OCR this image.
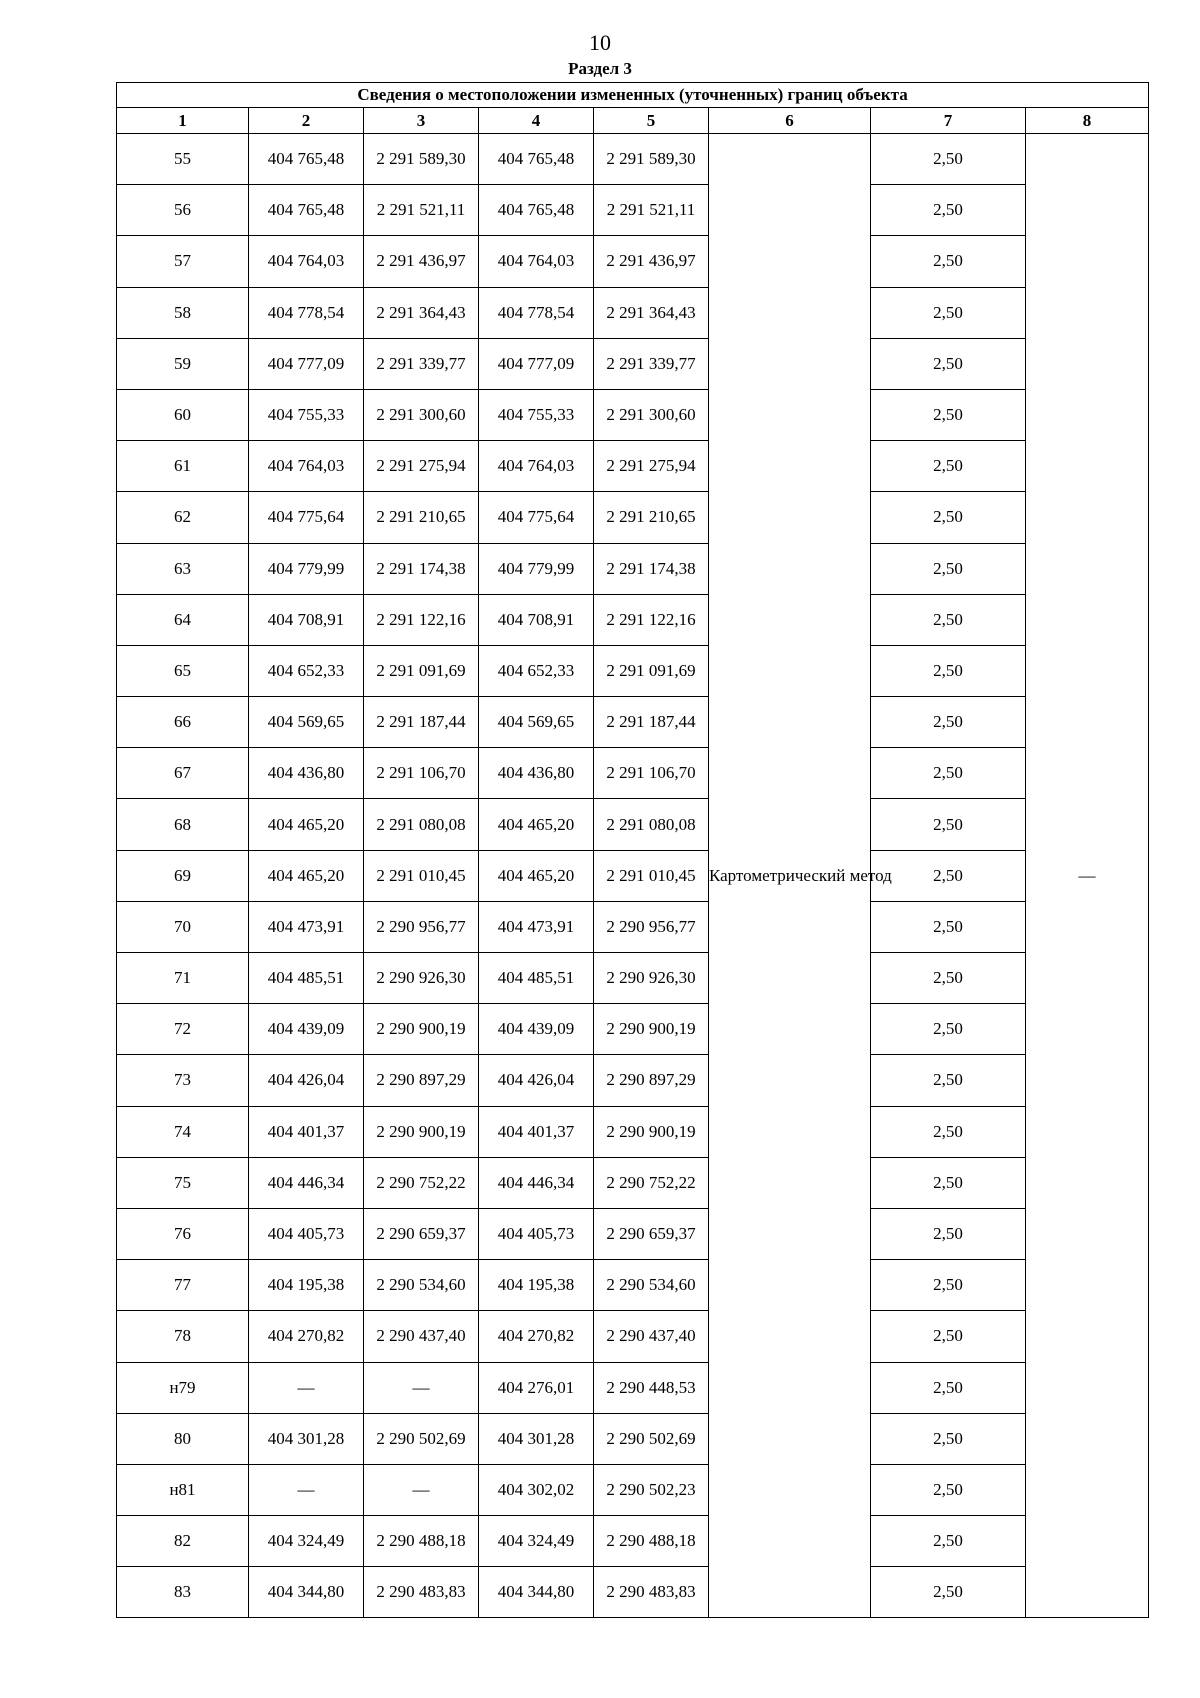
10
Раздел 3
Сведения о местоположении измененных (уточненных) границ объекта							
1	2	3	4	5	6	7	8
55	404 765,48	2 291 589,30	404 765,48	2 291 589,30	Картометрический метод	2,50	—
56	404 765,48	2 291 521,11	404 765,48	2 291 521,11		2,50	
57	404 764,03	2 291 436,97	404 764,03	2 291 436,97		2,50	
58	404 778,54	2 291 364,43	404 778,54	2 291 364,43		2,50	
59	404 777,09	2 291 339,77	404 777,09	2 291 339,77		2,50	
60	404 755,33	2 291 300,60	404 755,33	2 291 300,60		2,50	
61	404 764,03	2 291 275,94	404 764,03	2 291 275,94		2,50	
62	404 775,64	2 291 210,65	404 775,64	2 291 210,65		2,50	
63	404 779,99	2 291 174,38	404 779,99	2 291 174,38		2,50	
64	404 708,91	2 291 122,16	404 708,91	2 291 122,16		2,50	
65	404 652,33	2 291 091,69	404 652,33	2 291 091,69		2,50	
66	404 569,65	2 291 187,44	404 569,65	2 291 187,44		2,50	
67	404 436,80	2 291 106,70	404 436,80	2 291 106,70		2,50	
68	404 465,20	2 291 080,08	404 465,20	2 291 080,08		2,50	
69	404 465,20	2 291 010,45	404 465,20	2 291 010,45		2,50	
70	404 473,91	2 290 956,77	404 473,91	2 290 956,77		2,50	
71	404 485,51	2 290 926,30	404 485,51	2 290 926,30		2,50	
72	404 439,09	2 290 900,19	404 439,09	2 290 900,19		2,50	
73	404 426,04	2 290 897,29	404 426,04	2 290 897,29		2,50	
74	404 401,37	2 290 900,19	404 401,37	2 290 900,19		2,50	
75	404 446,34	2 290 752,22	404 446,34	2 290 752,22		2,50	
76	404 405,73	2 290 659,37	404 405,73	2 290 659,37		2,50	
77	404 195,38	2 290 534,60	404 195,38	2 290 534,60		2,50	
78	404 270,82	2 290 437,40	404 270,82	2 290 437,40		2,50	
н79	—	—	404 276,01	2 290 448,53		2,50	
80	404 301,28	2 290 502,69	404 301,28	2 290 502,69		2,50	
н81	—	—	404 302,02	2 290 502,23		2,50	
82	404 324,49	2 290 488,18	404 324,49	2 290 488,18		2,50	
83	404 344,80	2 290 483,83	404 344,80	2 290 483,83		2,50	
